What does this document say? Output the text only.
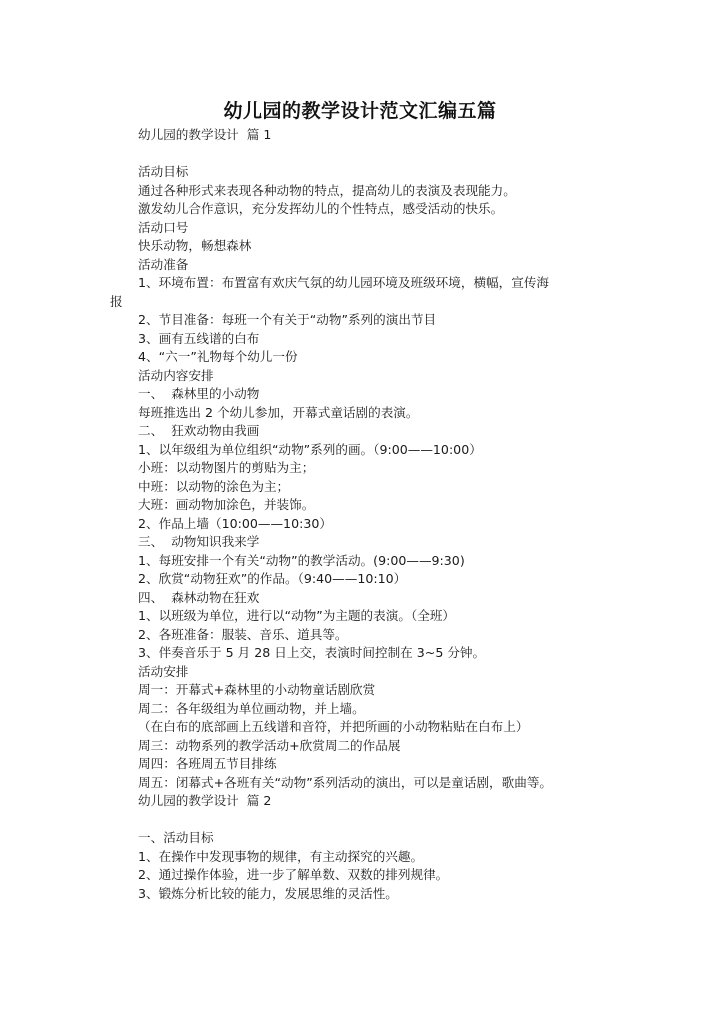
幼儿园的教学设计范文汇编五篇
幼儿园的教学设计  篇 1
活动目标
通过各种形式来表现各种动物的特点，提高幼儿的表演及表现能力。
激发幼儿合作意识，充分发挥幼儿的个性特点，感受活动的快乐。
活动口号
快乐动物，畅想森林
活动准备
1、环境布置：布置富有欢庆气氛的幼儿园环境及班级环境，横幅，宣传海
报
2、节目准备：每班一个有关于“动物”系列的演出节目
3、画有五线谱的白布
4、“六一”礼物每个幼儿一份
活动内容安排
一、  森林里的小动物
每班推选出 2 个幼儿参加，开幕式童话剧的表演。
二、  狂欢动物由我画
1、以年级组为单位组织“动物”系列的画。（9:00——10:00）
小班：以动物图片的剪贴为主；
中班：以动物的涂色为主；
大班：画动物加涂色，并装饰。
2、作品上墙（10:00——10:30）
三、  动物知识我来学
1、每班安排一个有关“动物”的教学活动。(9:00——9:30)
2、欣赏“动物狂欢”的作品。（9:40——10:10）
四、  森林动物在狂欢
1、以班级为单位，进行以“动物”为主题的表演。（全班）
2、各班准备：服装、音乐、道具等。
3、伴奏音乐于 5 月 28 日上交，表演时间控制在 3~5 分钟。
活动安排
周一：开幕式+森林里的小动物童话剧欣赏
周二：各年级组为单位画动物，并上墙。
（在白布的底部画上五线谱和音符，并把所画的小动物粘贴在白布上）
周三：动物系列的教学活动+欣赏周二的作品展
周四：各班周五节目排练
周五：闭幕式+各班有关“动物”系列活动的演出，可以是童话剧，歌曲等。
幼儿园的教学设计  篇 2
一、活动目标
1、在操作中发现事物的规律，有主动探究的兴趣。
2、通过操作体验，进一步了解单数、双数的排列规律。
3、锻炼分析比较的能力，发展思维的灵活性。
